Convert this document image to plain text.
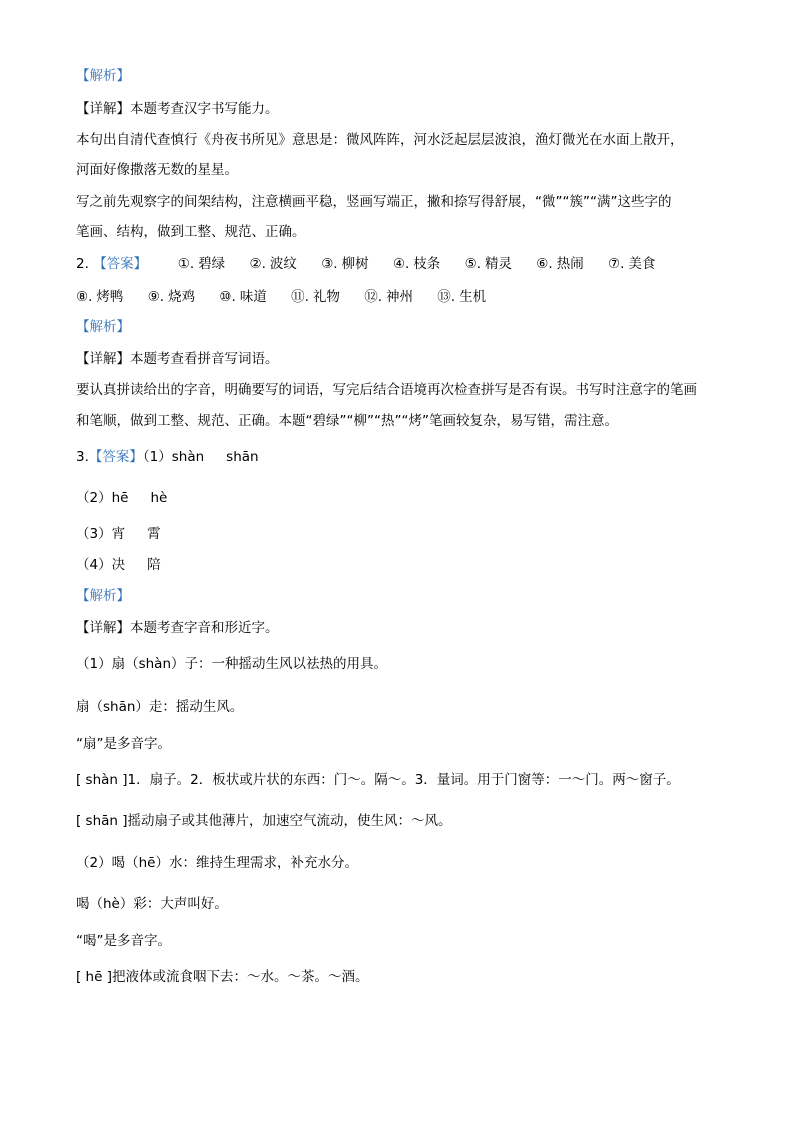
【解析】
【详解】本题考查汉字书写能力。
本句出自清代查慎行《舟夜书所见》意思是：微风阵阵，河水泛起层层波浪，渔灯微光在水面上散开，
河面好像撒落无数的星星。
写之前先观察字的间架结构，注意横画平稳，竖画写端正，撇和捺写得舒展，“微”“簇”“满”这些字的
笔画、结构，做到工整、规范、正确。
2. 【答案】 ①. 碧绿 ②. 波纹 ③. 柳树 ④. 枝条 ⑤. 精灵 ⑥. 热闹 ⑦. 美食
⑧. 烤鸭 ⑨. 烧鸡 ⑩. 味道 ⑪. 礼物 ⑫. 神州 ⑬. 生机
【解析】
【详解】本题考查看拼音写词语。
要认真拼读给出的字音，明确要写的词语，写完后结合语境再次检查拼写是否有误。书写时注意字的笔画
和笔顺，做到工整、规范、正确。本题“碧绿”“柳”“热”“烤”笔画较复杂，易写错，需注意。
3.【答案】（1）shàn shān
（2）hē hè
（3）宵 霄
（4）决 陪
【解析】
【详解】本题考查字音和形近字。
（1）扇（shàn）子：一种摇动生风以祛热的用具。
扇（shān）走：摇动生风。
“扇”是多音字。
[ shàn ]1．扇子。2．板状或片状的东西：门～。隔～。3．量词。用于门窗等：一～门。两～窗子。
[ shān ]摇动扇子或其他薄片，加速空气流动，使生风：～风。
（2）喝（hē）水：维持生理需求，补充水分。
喝（hè）彩：大声叫好。
“喝”是多音字。
[ hē ]把液体或流食咽下去：～水。～茶。～酒。
